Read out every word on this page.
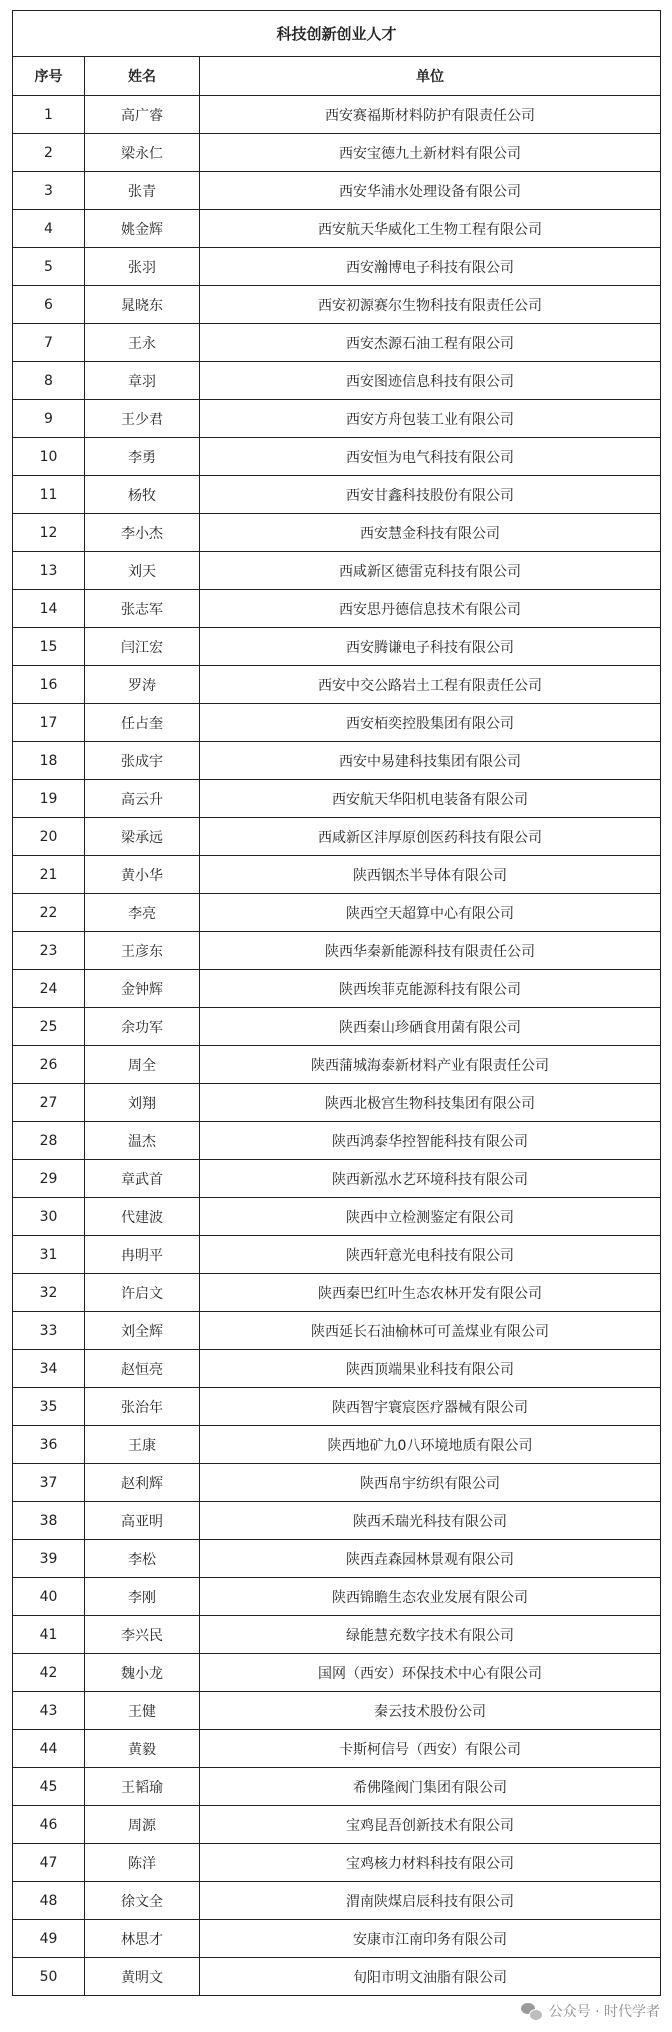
科技创新创业人才		
序号	姓名	单位
1	高广睿	西安赛福斯材料防护有限责任公司
2	梁永仁	西安宝德九土新材料有限公司
3	张青	西安华浦水处理设备有限公司
4	姚金辉	西安航天华威化工生物工程有限公司
5	张羽	西安瀚博电子科技有限公司
6	晁晓东	西安初源赛尔生物科技有限责任公司
7	王永	西安杰源石油工程有限公司
8	章羽	西安图迹信息科技有限公司
9	王少君	西安方舟包装工业有限公司
10	李勇	西安恒为电气科技有限公司
11	杨牧	西安甘鑫科技股份有限公司
12	李小杰	西安慧金科技有限公司
13	刘天	西咸新区德雷克科技有限公司
14	张志军	西安思丹德信息技术有限公司
15	闫江宏	西安腾谦电子科技有限公司
16	罗涛	西安中交公路岩土工程有限责任公司
17	任占奎	西安栢奕控股集团有限公司
18	张成宇	西安中易建科技集团有限公司
19	高云升	西安航天华阳机电装备有限公司
20	梁承远	西咸新区沣厚原创医药科技有限公司
21	黄小华	陕西铟杰半导体有限公司
22	李亮	陕西空天超算中心有限公司
23	王彦东	陕西华秦新能源科技有限责任公司
24	金钟辉	陕西埃菲克能源科技有限公司
25	余功军	陕西秦山珍硒食用菌有限公司
26	周全	陕西蒲城海泰新材料产业有限责任公司
27	刘翔	陕西北极宫生物科技集团有限公司
28	温杰	陕西鸿泰华控智能科技有限公司
29	章武首	陕西新泓水艺环境科技有限公司
30	代建波	陕西中立检测鉴定有限公司
31	冉明平	陕西轩意光电科技有限公司
32	许启文	陕西秦巴红叶生态农林开发有限公司
33	刘全辉	陕西延长石油榆林可可盖煤业有限公司
34	赵恒亮	陕西顶端果业科技有限公司
35	张治年	陕西智宇寰宸医疗器械有限公司
36	王康	陕西地矿九0八环境地质有限公司
37	赵利辉	陕西帛宇纺织有限公司
38	高亚明	陕西禾瑞光科技有限公司
39	李松	陕西垚森园林景观有限公司
40	李刚	陕西锦瞻生态农业发展有限公司
41	李兴民	绿能慧充数字技术有限公司
42	魏小龙	国网（西安）环保技术中心有限公司
43	王健	秦云技术股份公司
44	黄毅	卡斯柯信号（西安）有限公司
45	王韬瑜	希佛隆阀门集团有限公司
46	周源	宝鸡昆吾创新技术有限公司
47	陈洋	宝鸡核力材料科技有限公司
48	徐文全	渭南陕煤启辰科技有限公司
49	林思才	安康市江南印务有限公司
50	黄明文	旬阳市明文油脂有限公司
公众号 · 时代学者
